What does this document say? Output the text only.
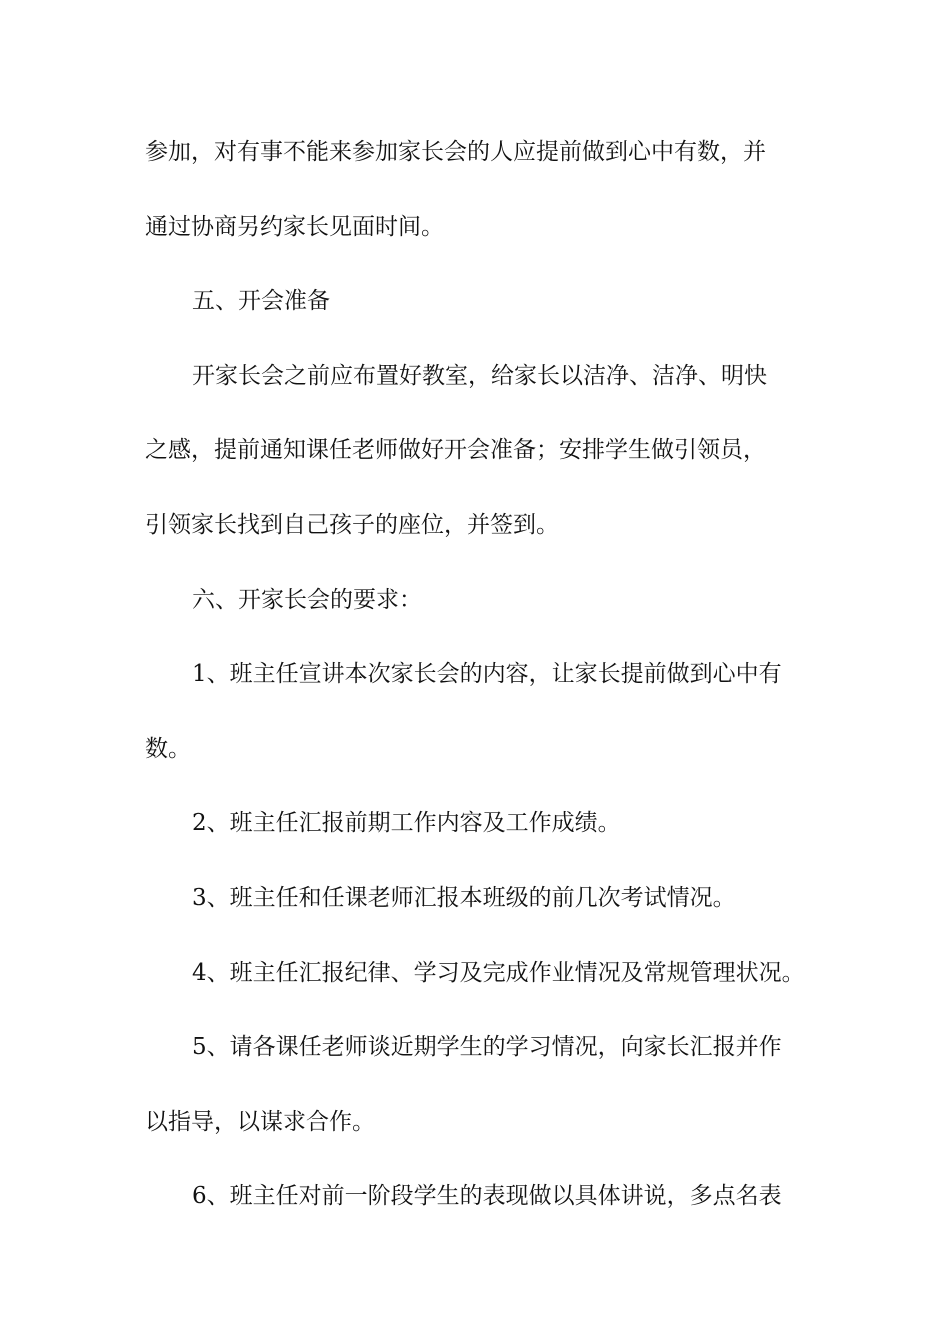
参加，对有事不能来参加家长会的人应提前做到心中有数，并
通过协商另约家长见面时间。
五、开会准备
开家长会之前应布置好教室，给家长以洁净、洁净、明快
之感，提前通知课任老师做好开会准备；安排学生做引领员，
引领家长找到自己孩子的座位，并签到。
六、开家长会的要求：
1、班主任宣讲本次家长会的内容，让家长提前做到心中有
数。
2、班主任汇报前期工作内容及工作成绩。
3、班主任和任课老师汇报本班级的前几次考试情况。
4、班主任汇报纪律、学习及完成作业情况及常规管理状况。
5、请各课任老师谈近期学生的学习情况，向家长汇报并作
以指导，以谋求合作。
6、班主任对前一阶段学生的表现做以具体讲说，多点名表
